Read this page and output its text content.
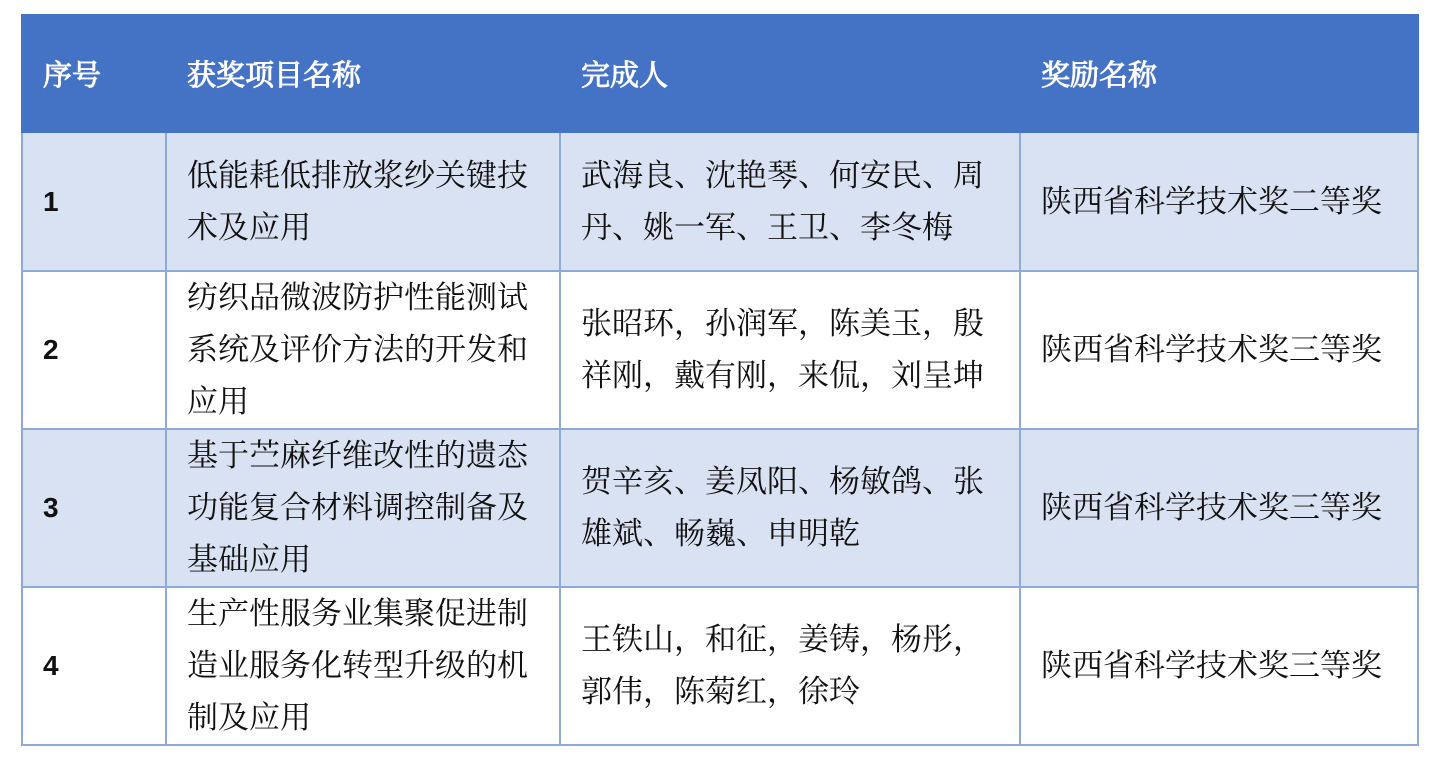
序号	获奖项目名称	完成人	奖励名称
1	低能耗低排放浆纱关键技术及应用	武海良、沈艳琴、何安民、周丹、姚一军、王卫、李冬梅	陕西省科学技术奖二等奖
2	纺织品微波防护性能测试系统及评价方法的开发和应用	张昭环，孙润军，陈美玉，殷祥刚，戴有刚，来侃，刘呈坤	陕西省科学技术奖三等奖
3	基于苎麻纤维改性的遗态功能复合材料调控制备及基础应用	贺辛亥、姜凤阳、杨敏鸽、张雄斌、畅巍、申明乾	陕西省科学技术奖三等奖
4	生产性服务业集聚促进制造业服务化转型升级的机制及应用	王铁山，和征，姜铸，杨彤，郭伟，陈菊红，徐玲	陕西省科学技术奖三等奖
